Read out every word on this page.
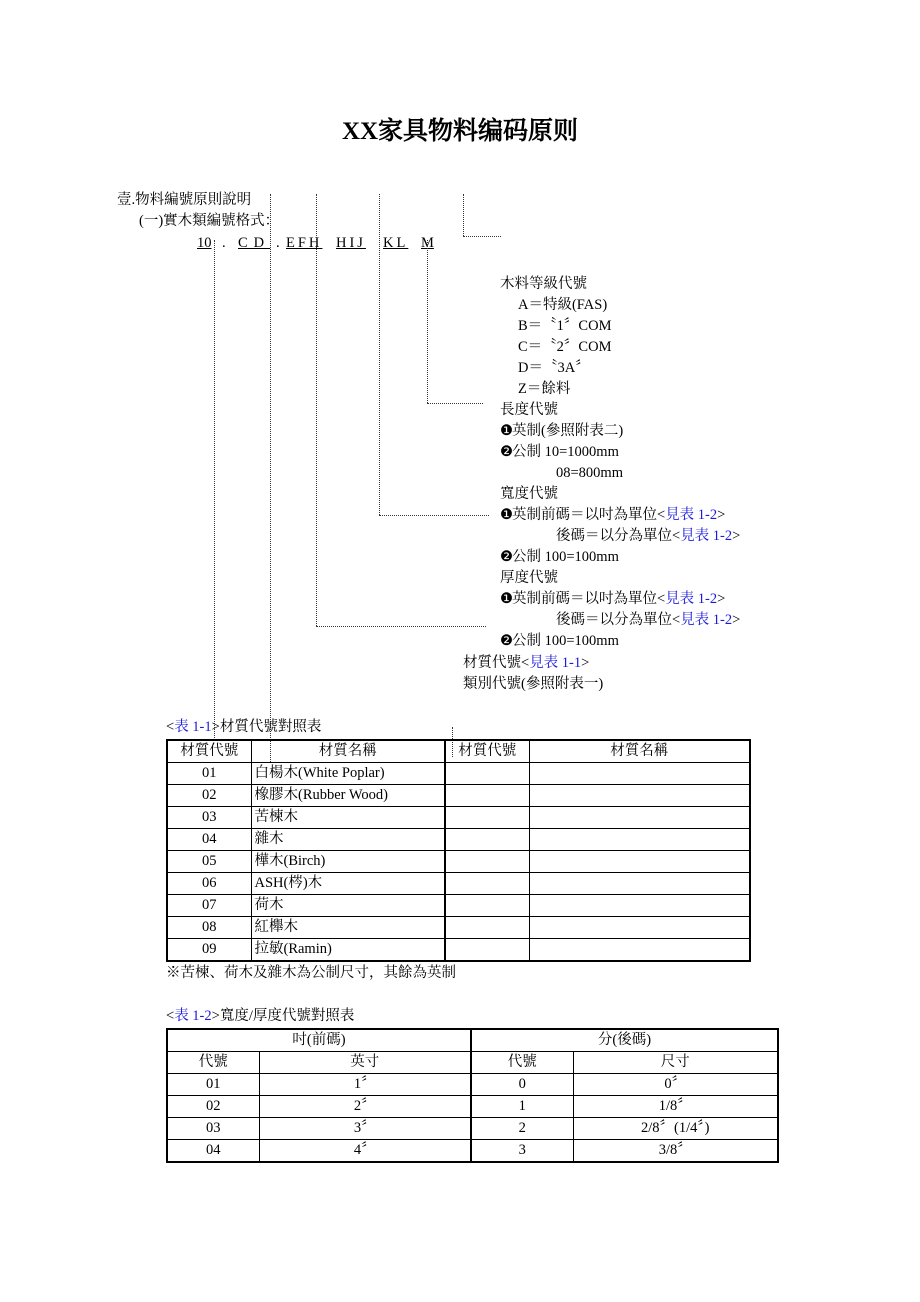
XX家具物料编码原则
壹.物料編號原則說明
(一)實木類編號格式：
10 . CD . EFH HIJ KL M
木料等級代號
A＝特級(FAS)
B＝〝1〞COM
C＝〝2〞COM
D＝〝3A〞
Z＝餘料
長度代號
❶英制(參照附表二)
❷公制 10=1000mm
08=800mm
寬度代號
❶英制前碼＝以吋為單位<見表 1-2>
後碼＝以分為單位<見表 1-2>
❷公制 100=100mm
厚度代號
❶英制前碼＝以吋為單位<見表 1-2>
後碼＝以分為單位<見表 1-2>
❷公制 100=100mm
材質代號<見表 1-1>
類別代號(參照附表一)
<表 1-1>材質代號對照表
材質代號	材質名稱	材質代號	材質名稱
01	白楊木(White Poplar)		
02	橡膠木(Rubber Wood)		
03	苦楝木		
04	雜木		
05	樺木(Birch)		
06	ASH(梣)木		
07	荷木		
08	紅櫸木		
09	拉敏(Ramin)		
※苦楝、荷木及雜木為公制尺寸，其餘為英制
<表 1-2>寬度/厚度代號對照表
吋(前碼)		分(後碼)	
代號	英寸	代號	尺寸
01	1〞	0	0〞
02	2〞	1	1/8〞
03	3〞	2	2/8〞(1/4〞)
04	4〞	3	3/8〞
